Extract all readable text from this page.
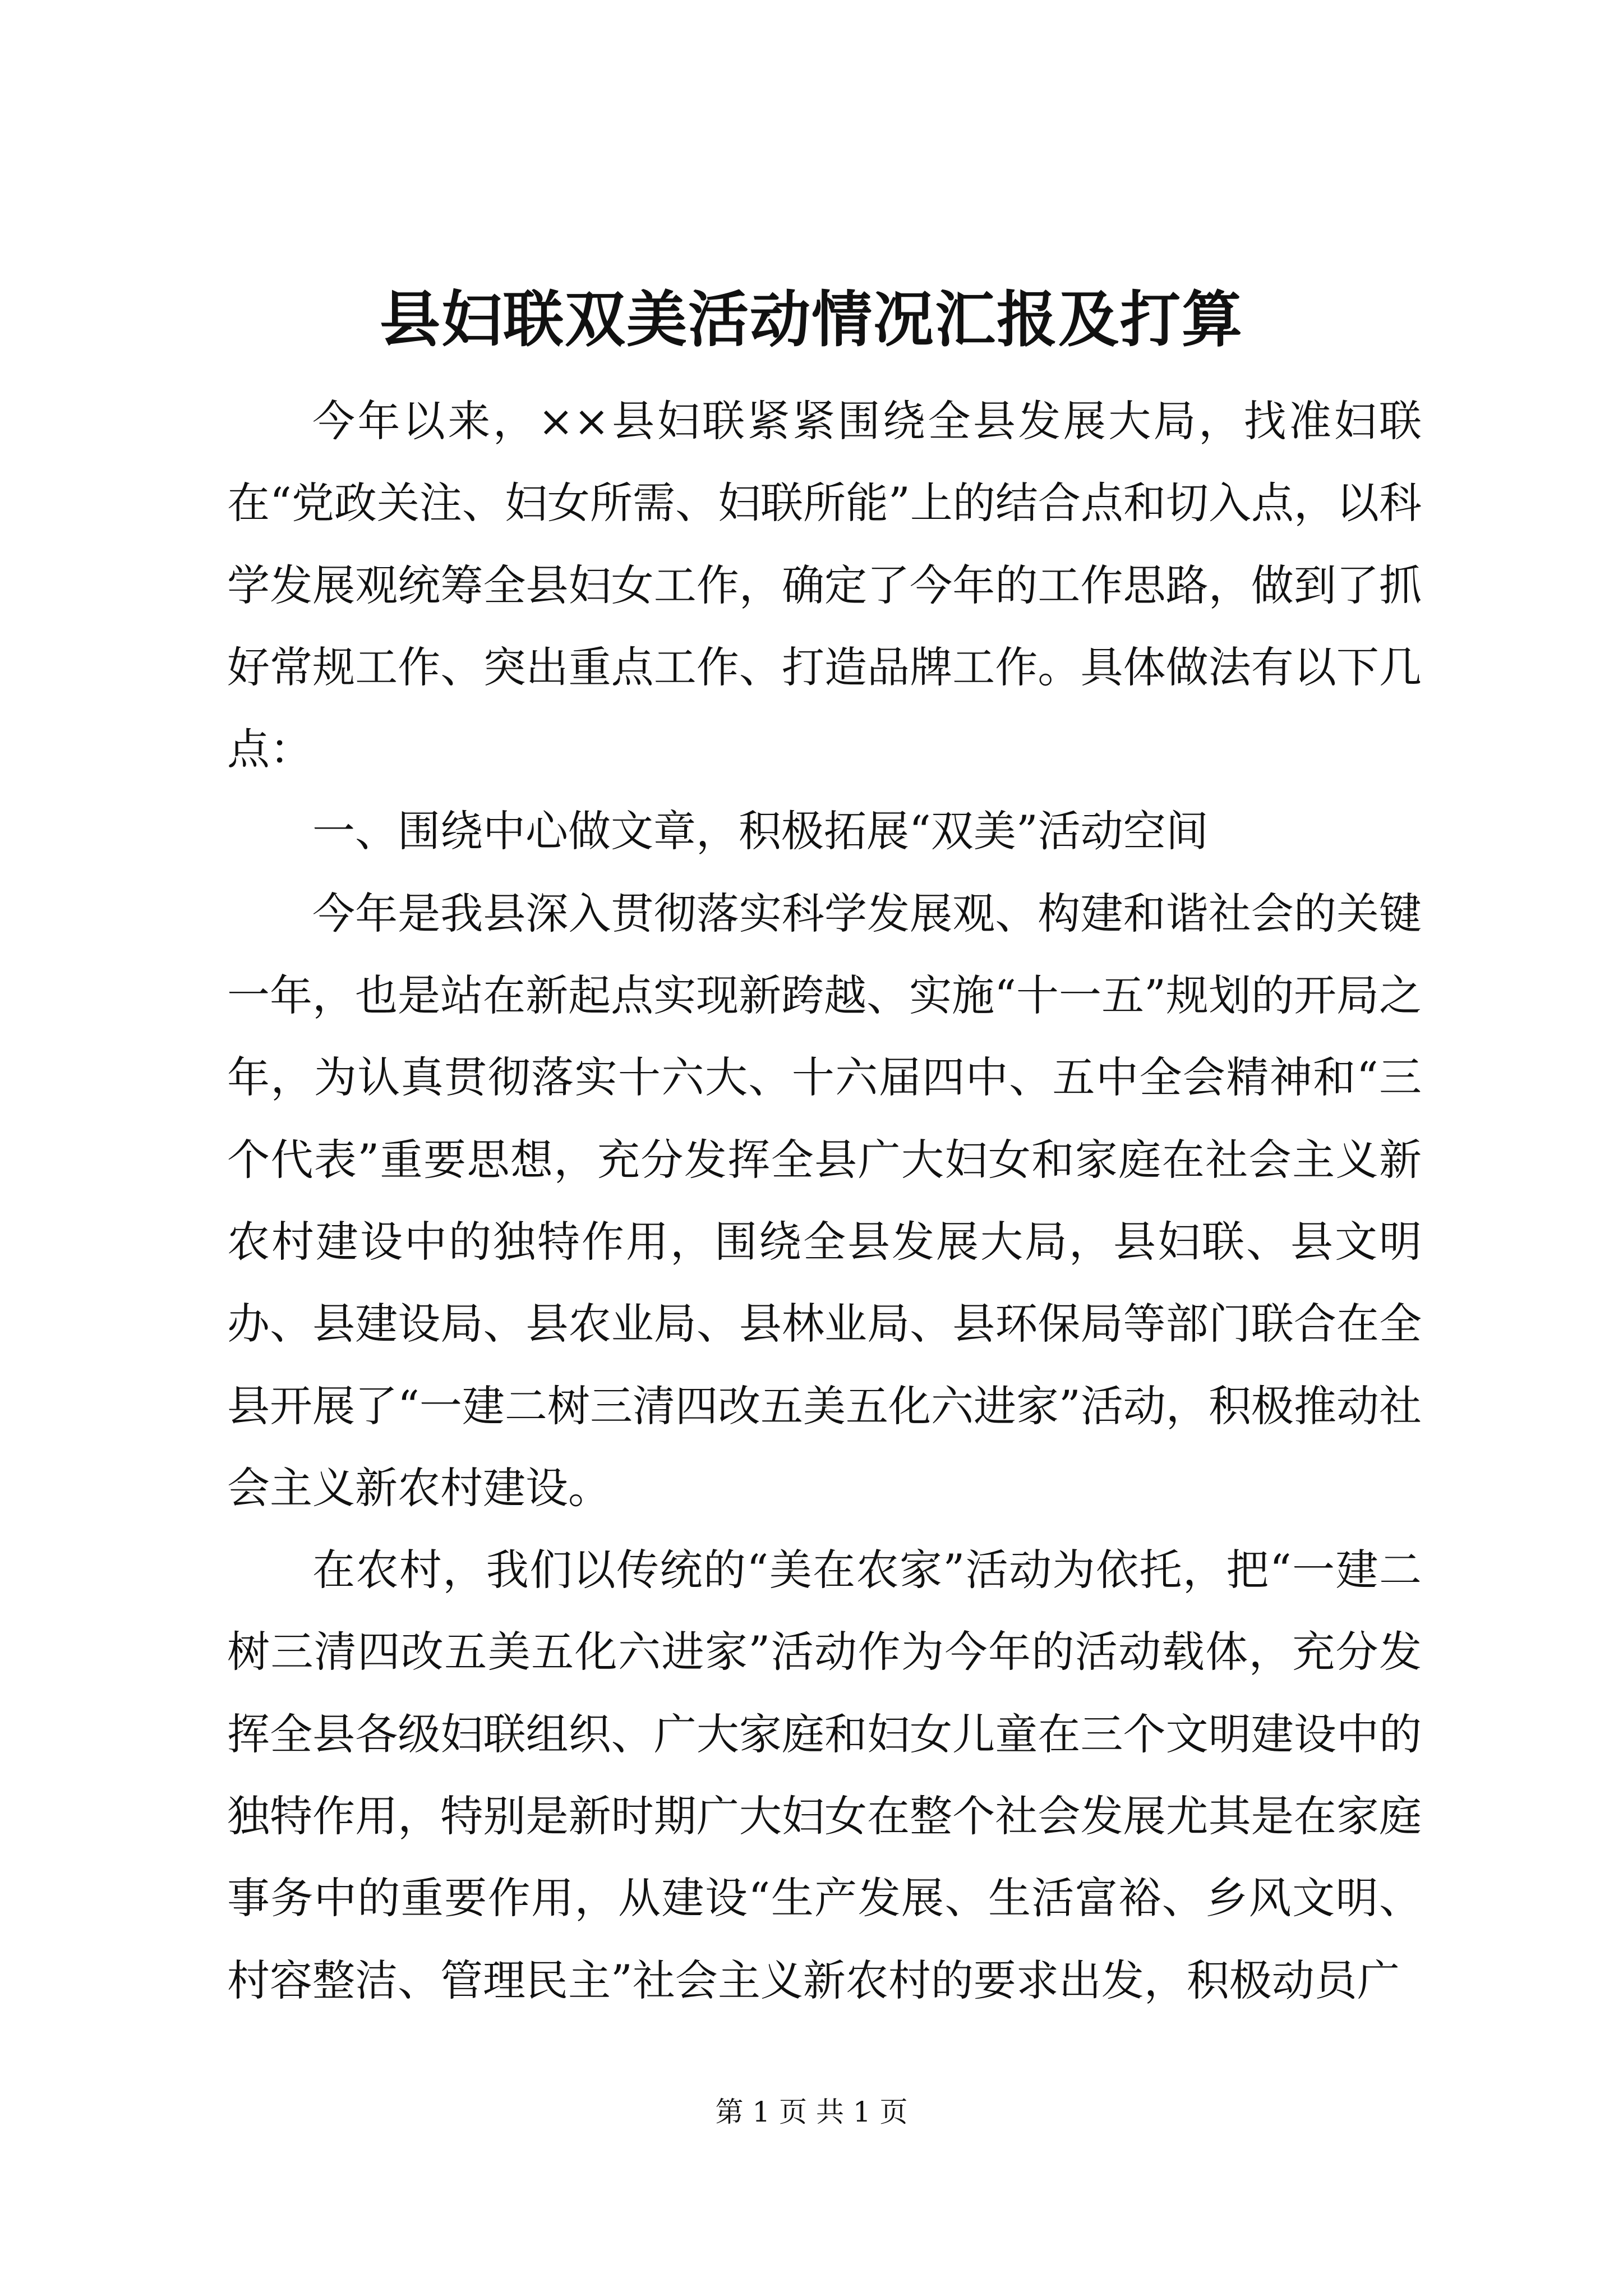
县妇联双美活动情况汇报及打算

今年以来，××县妇联紧紧围绕全县发展大局，找准妇联在“党政关注、妇女所需、妇联所能”上的结合点和切入点，以科学发展观统筹全县妇女工作，确定了今年的工作思路，做到了抓好常规工作、突出重点工作、打造品牌工作。具体做法有以下几点：

一、围绕中心做文章，积极拓展“双美”活动空间

今年是我县深入贯彻落实科学发展观、构建和谐社会的关键一年，也是站在新起点实现新跨越、实施“十一五”规划的开局之年，为认真贯彻落实十六大、十六届四中、五中全会精神和“三个代表”重要思想，充分发挥全县广大妇女和家庭在社会主义新农村建设中的独特作用，围绕全县发展大局，县妇联、县文明办、县建设局、县农业局、县林业局、县环保局等部门联合在全县开展了“一建二树三清四改五美五化六进家”活动，积极推动社会主义新农村建设。

在农村，我们以传统的“美在农家”活动为依托，把“一建二树三清四改五美五化六进家”活动作为今年的活动载体，充分发挥全县各级妇联组织、广大家庭和妇女儿童在三个文明建设中的独特作用，特别是新时期广大妇女在整个社会发展尤其是在家庭事务中的重要作用，从建设“生产发展、生活富裕、乡风文明、村容整洁、管理民主”社会主义新农村的要求出发，积极动员广

第 1 页 共 1 页
